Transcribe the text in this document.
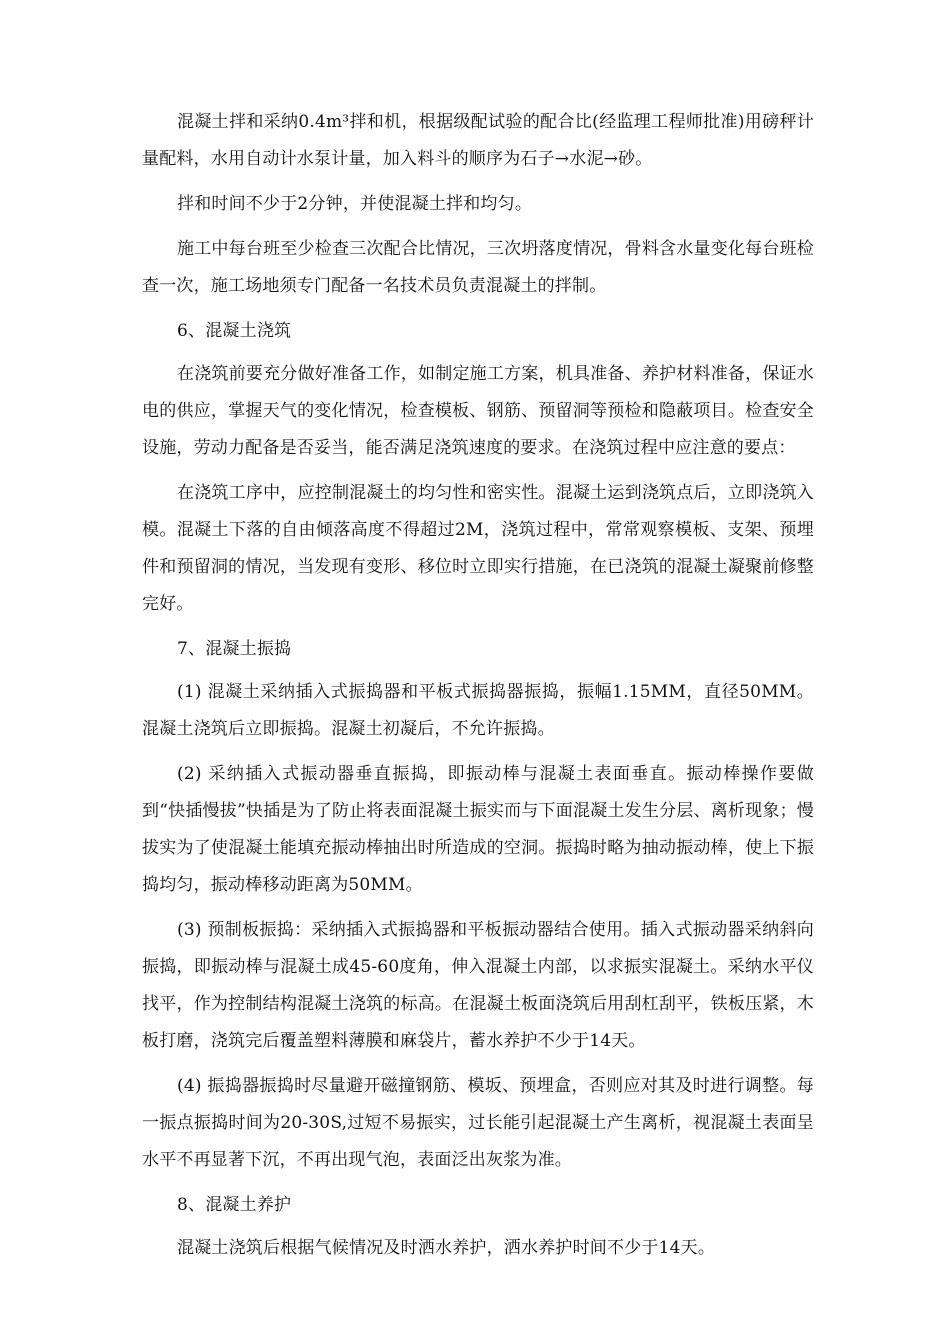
混凝土拌和采纳0.4m³拌和机，根据级配试验的配合比(经监理工程师批准)用磅秤计量配料，水用自动计水泵计量，加入料斗的顺序为石子→水泥→砂。

拌和时间不少于2分钟，并使混凝土拌和均匀。

施工中每台班至少检查三次配合比情况，三次坍落度情况，骨料含水量变化每台班检查一次，施工场地须专门配备一名技术员负责混凝土的拌制。

6、混凝土浇筑

在浇筑前要充分做好准备工作，如制定施工方案，机具准备、养护材料准备，保证水电的供应，掌握天气的变化情况，检查模板、钢筋、预留洞等预检和隐蔽项目。检查安全设施，劳动力配备是否妥当，能否满足浇筑速度的要求。在浇筑过程中应注意的要点：

在浇筑工序中，应控制混凝土的均匀性和密实性。混凝土运到浇筑点后，立即浇筑入模。混凝土下落的自由倾落高度不得超过2M，浇筑过程中，常常观察模板、支架、预埋件和预留洞的情况，当发现有变形、移位时立即实行措施，在已浇筑的混凝土凝聚前修整完好。

7、混凝土振捣

(1) 混凝土采纳插入式振捣器和平板式振捣器振捣，振幅1.15MM，直径50MM。混凝土浇筑后立即振捣。混凝土初凝后，不允许振捣。

(2) 采纳插入式振动器垂直振捣，即振动棒与混凝土表面垂直。振动棒操作要做到“快插慢拔”快插是为了防止将表面混凝土振实而与下面混凝土发生分层、离析现象；慢拔实为了使混凝土能填充振动棒抽出时所造成的空洞。振捣时略为抽动振动棒，使上下振捣均匀，振动棒移动距离为50MM。

(3) 预制板振捣：采纳插入式振捣器和平板振动器结合使用。插入式振动器采纳斜向振捣，即振动棒与混凝土成45-60度角，伸入混凝土内部，以求振实混凝土。采纳水平仪找平，作为控制结构混凝土浇筑的标高。在混凝土板面浇筑后用刮杠刮平，铁板压紧，木板打磨，浇筑完后覆盖塑料薄膜和麻袋片，蓄水养护不少于14天。

(4) 振捣器振捣时尽量避开磁撞钢筋、模坂、预埋盒，否则应对其及时进行调整。每一振点振捣时间为20-30S,过短不易振实，过长能引起混凝土产生离析，视混凝土表面呈水平不再显著下沉，不再出现气泡，表面泛出灰浆为准。

8、混凝土养护

混凝土浇筑后根据气候情况及时洒水养护，洒水养护时间不少于14天。
